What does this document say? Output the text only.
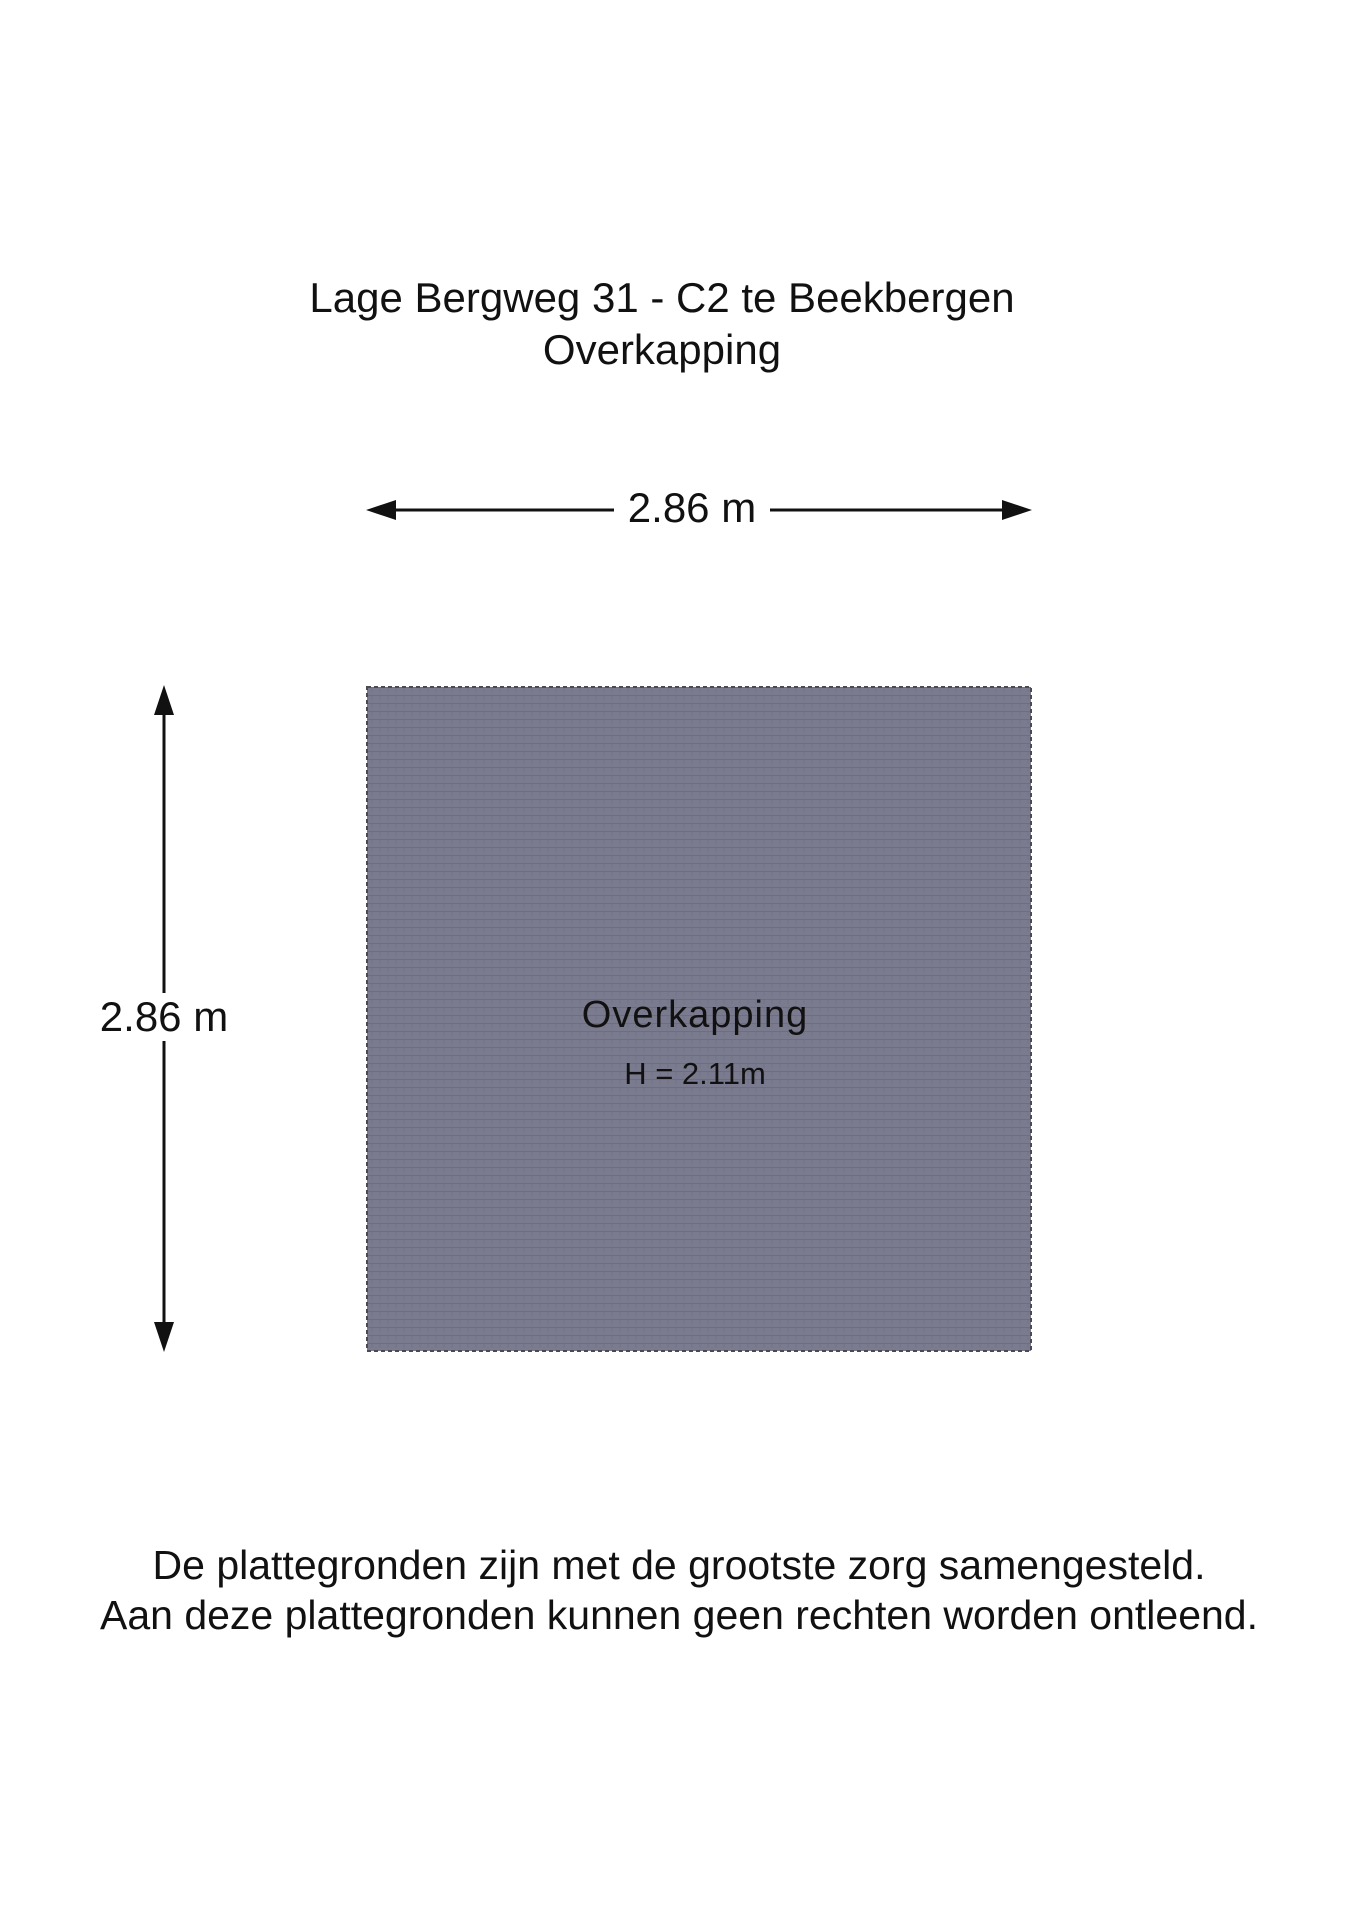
Lage Bergweg 31 - C2 te Beekbergen
Overkapping
2.86 m
2.86 m	Overkapping
H = 2.11m
De plattegronden zijn met de grootste zorg samengesteld.
Aan deze plattegronden kunnen geen rechten worden ontleend.
